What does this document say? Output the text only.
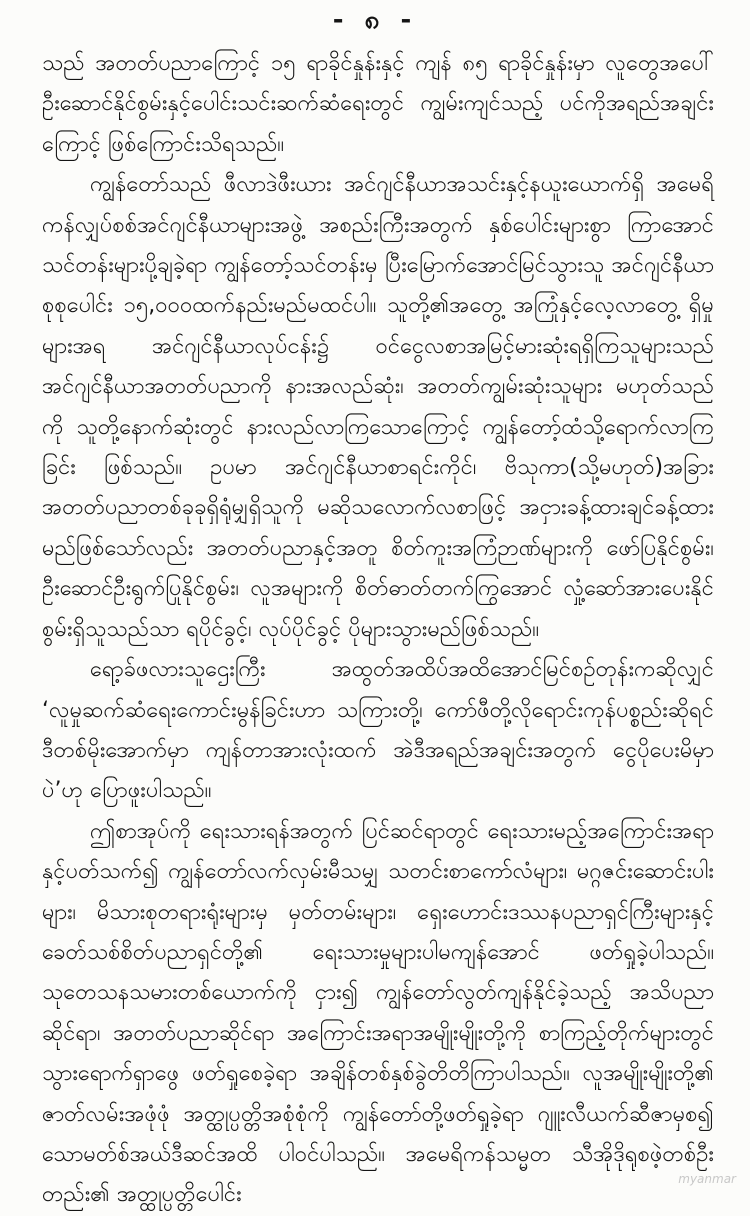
- ၈ -

သည် အတတ်ပညာကြောင့် ၁၅ ရာခိုင်နှုန်းနှင့် ကျန် ၈၅ ရာခိုင်နှုန်းမှာ လူတွေအပေါ် ဦးဆောင်နိုင်စွမ်းနှင့်ပေါင်းသင်းဆက်ဆံရေးတွင် ကျွမ်းကျင်သည့် ပင်ကိုအရည်အချင်းကြောင့် ဖြစ်ကြောင်းသိရသည်။

ကျွန်တော်သည် ဖီလာဒဲဖီးယား အင်ဂျင်နီယာအသင်းနှင့်နယူးယောက်ရှိ အမေရိကန်လျှပ်စစ်အင်ဂျင်နီယာများအဖွဲ့ အစည်းကြီးအတွက် နှစ်ပေါင်းများစွာ ကြာအောင် သင်တန်းများပို့ချခဲ့ရာ ကျွန်တော့်သင်တန်းမှ ပြီးမြောက်အောင်မြင်သွားသူ အင်ဂျင်နီယာ စုစုပေါင်း ၁၅,၀၀၀ထက်နည်းမည်မထင်ပါ။ သူတို့၏အတွေ့ အကြုံနှင့်လေ့လာတွေ့ ရှိမှုများအရ အင်ဂျင်နီယာလုပ်ငန်း၌ ဝင်ငွေလစာအမြင့်မားဆုံးရရှိကြသူများသည် အင်ဂျင်နီယာအတတ်ပညာကို နားအလည်ဆုံး၊ အတတ်ကျွမ်းဆုံးသူများ မဟုတ်သည်ကို သူတို့နောက်ဆုံးတွင် နားလည်လာကြသောကြောင့် ကျွန်တော့်ထံသို့ရောက်လာကြခြင်း ဖြစ်သည်။ ဥပမာ အင်ဂျင်နီယာစာရင်းကိုင်၊ ဗိသုကာ(သို့မဟုတ်)အခြားအတတ်ပညာတစ်ခုခုရှိရုံမျှရှိသူကို မဆိုသလောက်လစာဖြင့် အငှားခန့်ထားချင်ခန့်ထားမည်ဖြစ်သော်လည်း အတတ်ပညာနှင့်အတူ စိတ်ကူးအကြံဉာဏ်များကို ဖော်ပြနိုင်စွမ်း၊ ဦးဆောင်ဦးရွက်ပြုနိုင်စွမ်း၊ လူအများကို စိတ်ဓာတ်တက်ကြွအောင် လှုံ့ဆော်အားပေးနိုင်စွမ်းရှိသူသည်သာ ရပိုင်ခွင့်၊ လုပ်ပိုင်ခွင့် ပိုများသွားမည်ဖြစ်သည်။

ရော့ခ်ဖလားသူဌေးကြီး အထွတ်အထိပ်အထိအောင်မြင်စဉ်တုန်းကဆိုလျှင် ‘လူမှုဆက်ဆံရေးကောင်းမွန်ခြင်းဟာ သကြားတို့၊ ကော်ဖီတို့လိုရောင်းကုန်ပစ္စည်းဆိုရင် ဒီတစ်မိုးအောက်မှာ ကျန်တာအားလုံးထက် အဲဒီအရည်အချင်းအတွက် ငွေပိုပေးမိမှာပဲ’ဟု ပြောဖူးပါသည်။

ဤစာအုပ်ကို ရေးသားရန်အတွက် ပြင်ဆင်ရာတွင် ရေးသားမည့်အကြောင်းအရာနှင့်ပတ်သက်၍ ကျွန်တော်လက်လှမ်းမီသမျှ သတင်းစာကော်လံများ၊ မဂ္ဂဇင်းဆောင်းပါးများ၊ မိသားစုတရားရုံးများမှ မှတ်တမ်းများ၊ ရှေးဟောင်းဒဿနပညာရှင်ကြီးများနှင့် ခေတ်သစ်စိတ်ပညာရှင်တို့၏ ရေးသားမှုများပါမကျန်အောင် ဖတ်ရှုခဲ့ပါသည်။ သုတေသနသမားတစ်ယောက်ကို ငှား၍ ကျွန်တော်လွတ်ကျန်နိုင်ခဲ့သည့် အသိပညာဆိုင်ရာ၊ အတတ်ပညာဆိုင်ရာ အကြောင်းအရာအမျိုးမျိုးတို့ကို စာကြည့်တိုက်များတွင် သွားရောက်ရှာဖွေ ဖတ်ရှုစေခဲ့ရာ အချိန်တစ်နှစ်ခွဲတိတိကြာပါသည်။ လူအမျိုးမျိုးတို့၏ ဇာတ်လမ်းအဖုံဖုံ အတ္ထုပ္ပတ္တိအစုံစုံကို ကျွန်တော်တို့ဖတ်ရှုခဲ့ရာ ဂျူးလီယက်ဆီဇာမှစ၍ သောမတ်စ်အယ်ဒီဆင်အထိ ပါဝင်ပါသည်။ အမေရိကန်သမ္မတ သီအိုဒိုရုစဖဲ့တစ်ဦးတည်း၏ အတ္ထုပ္ပတ္တိပေါင်း

myanmar
